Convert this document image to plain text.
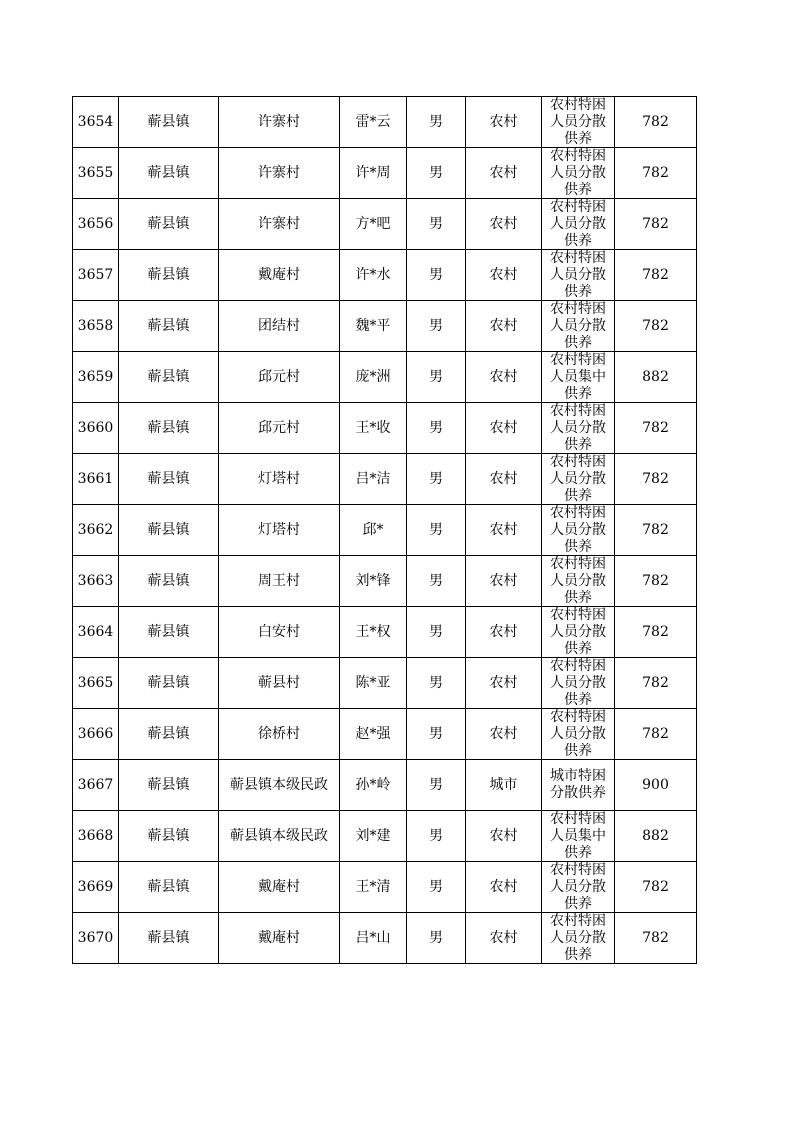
3654	蕲县镇	许寨村	雷*云	男	农村	农村特困人员分散供养	782
3655	蕲县镇	许寨村	许*周	男	农村	农村特困人员分散供养	782
3656	蕲县镇	许寨村	方*吧	男	农村	农村特困人员分散供养	782
3657	蕲县镇	戴庵村	许*水	男	农村	农村特困人员分散供养	782
3658	蕲县镇	团结村	魏*平	男	农村	农村特困人员分散供养	782
3659	蕲县镇	邱元村	庞*洲	男	农村	农村特困人员集中供养	882
3660	蕲县镇	邱元村	王*收	男	农村	农村特困人员分散供养	782
3661	蕲县镇	灯塔村	吕*洁	男	农村	农村特困人员分散供养	782
3662	蕲县镇	灯塔村	邱*	男	农村	农村特困人员分散供养	782
3663	蕲县镇	周王村	刘*锋	男	农村	农村特困人员分散供养	782
3664	蕲县镇	白安村	王*权	男	农村	农村特困人员分散供养	782
3665	蕲县镇	蕲县村	陈*亚	男	农村	农村特困人员分散供养	782
3666	蕲县镇	徐桥村	赵*强	男	农村	农村特困人员分散供养	782
3667	蕲县镇	蕲县镇本级民政	孙*岭	男	城市	城市特困分散供养	900
3668	蕲县镇	蕲县镇本级民政	刘*建	男	农村	农村特困人员集中供养	882
3669	蕲县镇	戴庵村	王*清	男	农村	农村特困人员分散供养	782
3670	蕲县镇	戴庵村	吕*山	男	农村	农村特困人员分散供养	782
